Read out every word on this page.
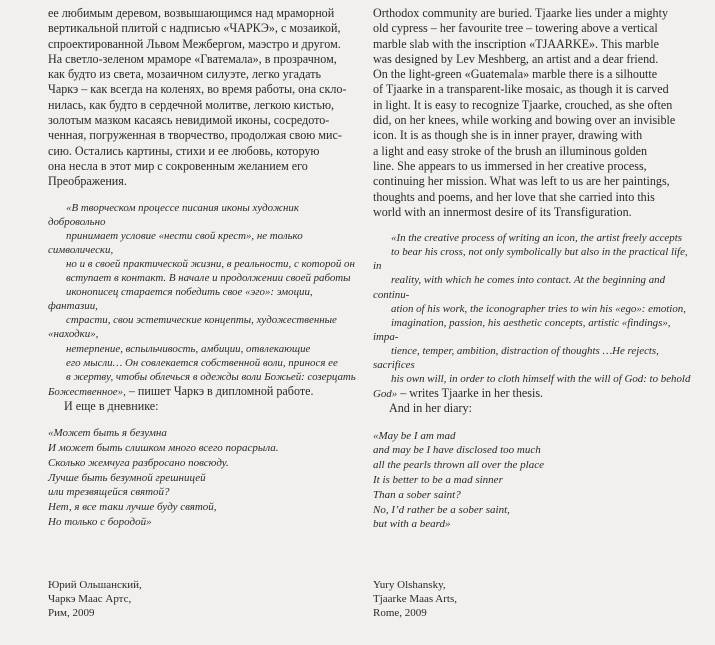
ее любимым деревом, возвышающимся над мраморной
вертикальной плитой с надписью «ЧАРКЭ», с мозаикой,
спроектированной Львом Межбергом, маэстро и другом.
На светло-зеленом мраморе «Гватемала», в прозрачном,
как будто из света, мозаичном силуэте, легко угадать
Чаркэ – как всегда на коленях, во время работы, она скло-
нилась, как будто в сердечной молитве, легкою кистью,
золотым мазком касаясь невидимой иконы, сосредото-
ченная, погруженная в творчество, продолжая свою мис-
сию. Остались картины, стихи и ее любовь, которую
она несла в этот мир с сокровенным желанием его
Преображения.

«В творческом процессе писания иконы художник добровольно
принимает условие «нести свой крест», не только символически,
но и в своей практической жизни, в реальности, с которой он
вступает в контакт. В начале и продолжении своей работы
иконописец старается победить свое «эго»: эмоции, фантазии,
страсти, свои эстетические концепты, художественные «находки»,
нетерпение, вспыльчивость, амбиции, отвлекающие
его мысли… Он совлекается собственной воли, принося ее
в жертву, чтобы облечься в одежды воли Божьей: созерцать
Божественное», – пишет Чаркэ в дипломной работе.

И еще в дневнике:

«Может быть я безумна
И может быть слишком много всего порасрыла.
Сколько жемчуга разбросано повсюду.
Лучше быть безумной грешницей
или трезвящейся святой?
Нет, я все таки лучше буду святой,
Но только с бородой»

Orthodox community are buried. Tjaarke lies under a mighty
old cypress – her favourite tree – towering above a vertical
marble slab with the inscription «TJAARKE». This marble
was designed by Lev Meshberg, an artist and a dear friend.
On the light-green «Guatemala» marble there is a silhoutte
of Tjaarke in a transparent-like mosaic, as though it is carved
in light. It is easy to recognize Tjaarke, crouched, as she often
did, on her knees, while working and bowing over an invisible
icon. It is as though she is in inner prayer, drawing with
a light and easy stroke of the brush an illuminous golden
line. She appears to us immersed in her creative process,
continuing her mission. What was left to us are her paintings,
thoughts and poems, and her love that she carried into this
world with an innermost desire of its Transfiguration.

«In the creative process of writing an icon, the artist freely accepts
to bear his cross, not only symbolically but also in the practical life, in
reality, with which he comes into contact. At the beginning and continu-
ation of his work, the iconographer tries to win his «ego»: emotion,
imagination, passion, his aesthetic concepts, artistic «findings», impa-
tience, temper, ambition, distraction of thoughts …He rejects, sacrifices
his own will, in order to cloth himself with the will of God: to behold
God» – writes Tjaarke in her thesis.

And in her diary:

«May be I am mad
and may be I have disclosed too much
all the pearls thrown all over the place
It is better to be a mad sinner
Than a sober saint?
No, I’d rather be a sober saint,
but with a beard»

Юрий Ольшанский,
Чаркэ Маас Артс,
Рим, 2009
Yury Olshansky,
Tjaarke Maas Arts,
Rome, 2009
